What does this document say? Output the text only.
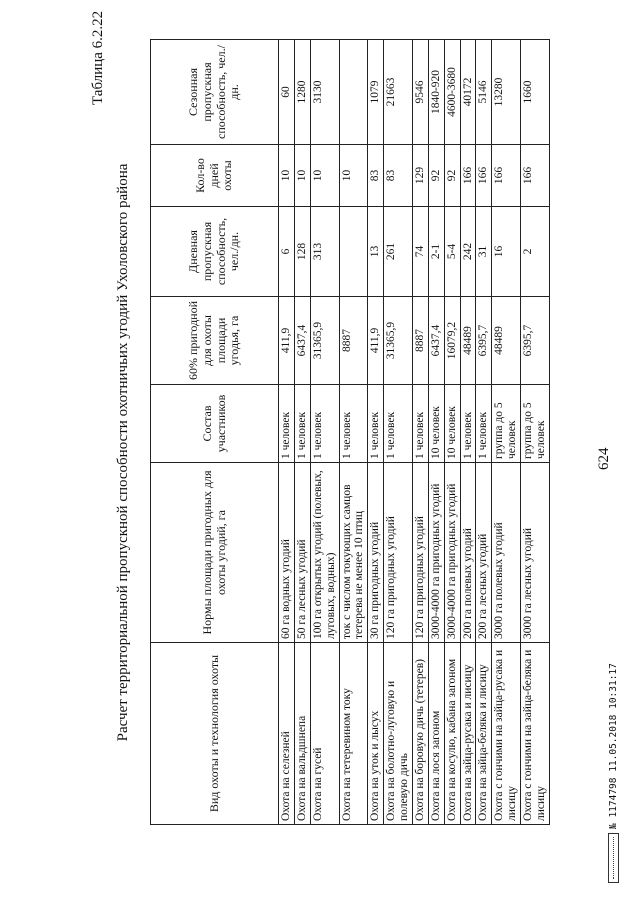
624
Таблица 6.2.22
Расчет территориальной пропускной способности охотничьих угодий Ухоловского района	Вид охоты и технология охоты	Нормы площади пригодных для охоты угодий, га	Состав участников	60% пригодной для охоты площади угодья, га	Дневная пропускная способность, чел./дн.	Кол-во дней охоты	Сезонная пропускная способность, чел./дн.
Охота на селезней	60 га водных угодий	1 человек	411,9	6	10	60
Охота на вальдшнепа	50 га лесных угодий	1 человек	6437,4	128	10	1280
Охота на гусей	100 га открытых угодий (полевых, луговых, водных)	1 человек	31365,9	313	10	3130
Охота на тетеревином току	ток с числом токующих самцов тетерева не менее 10 птиц	1 человек	8887		10	
Охота на уток и лысух	30 га пригодных угодий	1 человек	411,9	13	83	1079
Охота на болотно-луговую и полевую дичь	120 га пригодных угодий	1 человек	31365,9	261	83	21663
Охота на боровую дичь (тетерев)	120 га пригодных угодий	1 человек	8887	74	129	9546
Охота на лося загоном	3000-4000 га пригодных угодий	10 человек	6437,4	2-1	92	1840-920
Охота на косулю, кабана загоном	3000-4000 га пригодных угодий	10 человек	16079,2	5-4	92	4600-3680
Охота на зайца-русака и лисицу	200 га полевых угодий	1 человек	48489	242	166	40172
Охота на зайца-беляка и лисицу	200 га лесных угодий	1 человек	6395,7	31	166	5146
Охота с гончими на зайца-русака и лисицу	3000 га полевых угодий	группа до 5 человек	48489	16	166	13280
Охота с гончими на зайца-беляка и лисицу	3000 га лесных угодий	группа до 5 человек	6395,7	2	166	1660
№ 1174798 11.05.2018 10:31:17
